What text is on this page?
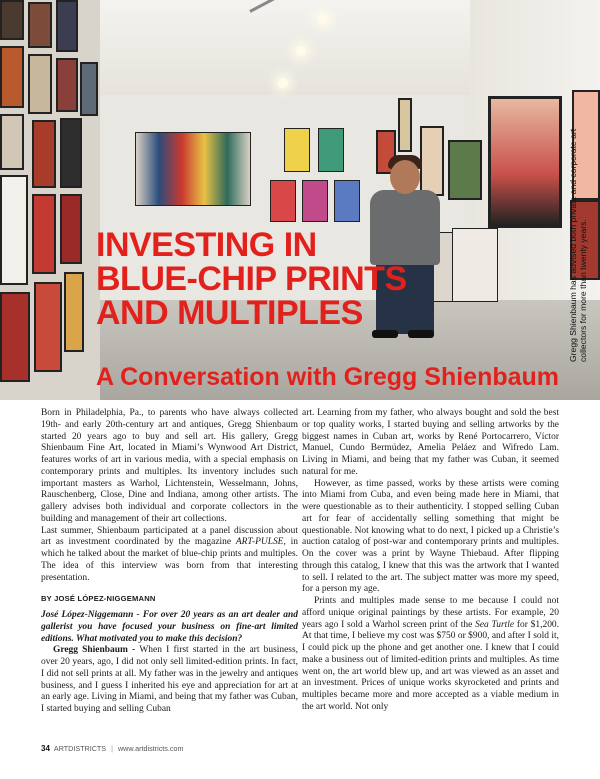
INVESTING IN
BLUE-CHIP PRINTS
AND MULTIPLES
A Conversation with Gregg Shienbaum
Gregg Shienbaum has advised both private and corporate art collectors for more than twenty years.

Born in Philadelphia, Pa., to parents who have always collected 19th- and early 20th-century art and antiques, Gregg Shienbaum started 20 years ago to buy and sell art. His gallery, Gregg Shienbaum Fine Art, located in Miami’s Wynwood Art District, features works of art in various media, with a special emphasis on contemporary prints and multiples. Its inventory includes such important masters as Warhol, Lichtenstein, Wesselmann, Johns, Rauschenberg, Close, Dine and Indiana, among other artists. The gallery advises both individual and corporate collectors in the building and management of their art collections.

Last summer, Shienbaum participated at a panel discussion about art as investment coordinated by the magazine ART-PULSE, in which he talked about the market of blue-chip prints and multiples. The idea of this interview was born from that interesting presentation.

BY JOSÉ LÓPEZ-NIGGEMANN

José López-Niggemann - For over 20 years as an art dealer and gallerist you have focused your business on fine-art limited editions. What motivated you to make this decision?

Gregg Shienbaum - When I first started in the art business, over 20 years, ago, I did not only sell limited-edition prints. In fact, I did not sell prints at all. My father was in the jewelry and antiques business, and I guess I inherited his eye and appreciation for art at an early age. Living in Miami, and being that my father was Cuban, I started buying and selling Cuban

art. Learning from my father, who always bought and sold the best or top quality works, I started buying and selling artworks by the biggest names in Cuban art, works by René Portocarrero, Víctor Manuel, Cundo Bermúdez, Amelia Peláez and Wifredo Lam. Living in Miami, and being that my father was Cuban, it seemed natural for me.

However, as time passed, works by these artists were coming into Miami from Cuba, and even being made here in Miami, that were questionable as to their authenticity. I stopped selling Cuban art for fear of accidentally selling something that might be questionable. Not knowing what to do next, I picked up a Christie’s auction catalog of post-war and contemporary prints and multiples. On the cover was a print by Wayne Thiebaud. After flipping through this catalog, I knew that this was the artwork that I wanted to sell. I related to the art. The subject matter was more my speed, for a person my age.

Prints and multiples made sense to me because I could not afford unique original paintings by these artists. For example, 20 years ago I sold a Warhol screen print of the Sea Turtle for $1,200. At that time, I believe my cost was $750 or $900, and after I sold it, I could pick up the phone and get another one. I knew that I could make a business out of limited-edition prints and multiples. As time went on, the art world blew up, and art was viewed as an asset and an investment. Prices of unique works skyrocketed and prints and multiples became more and more accepted as a viable medium in the art world. Not only

34 ARTDISTRICTS | www.artdistricts.com
